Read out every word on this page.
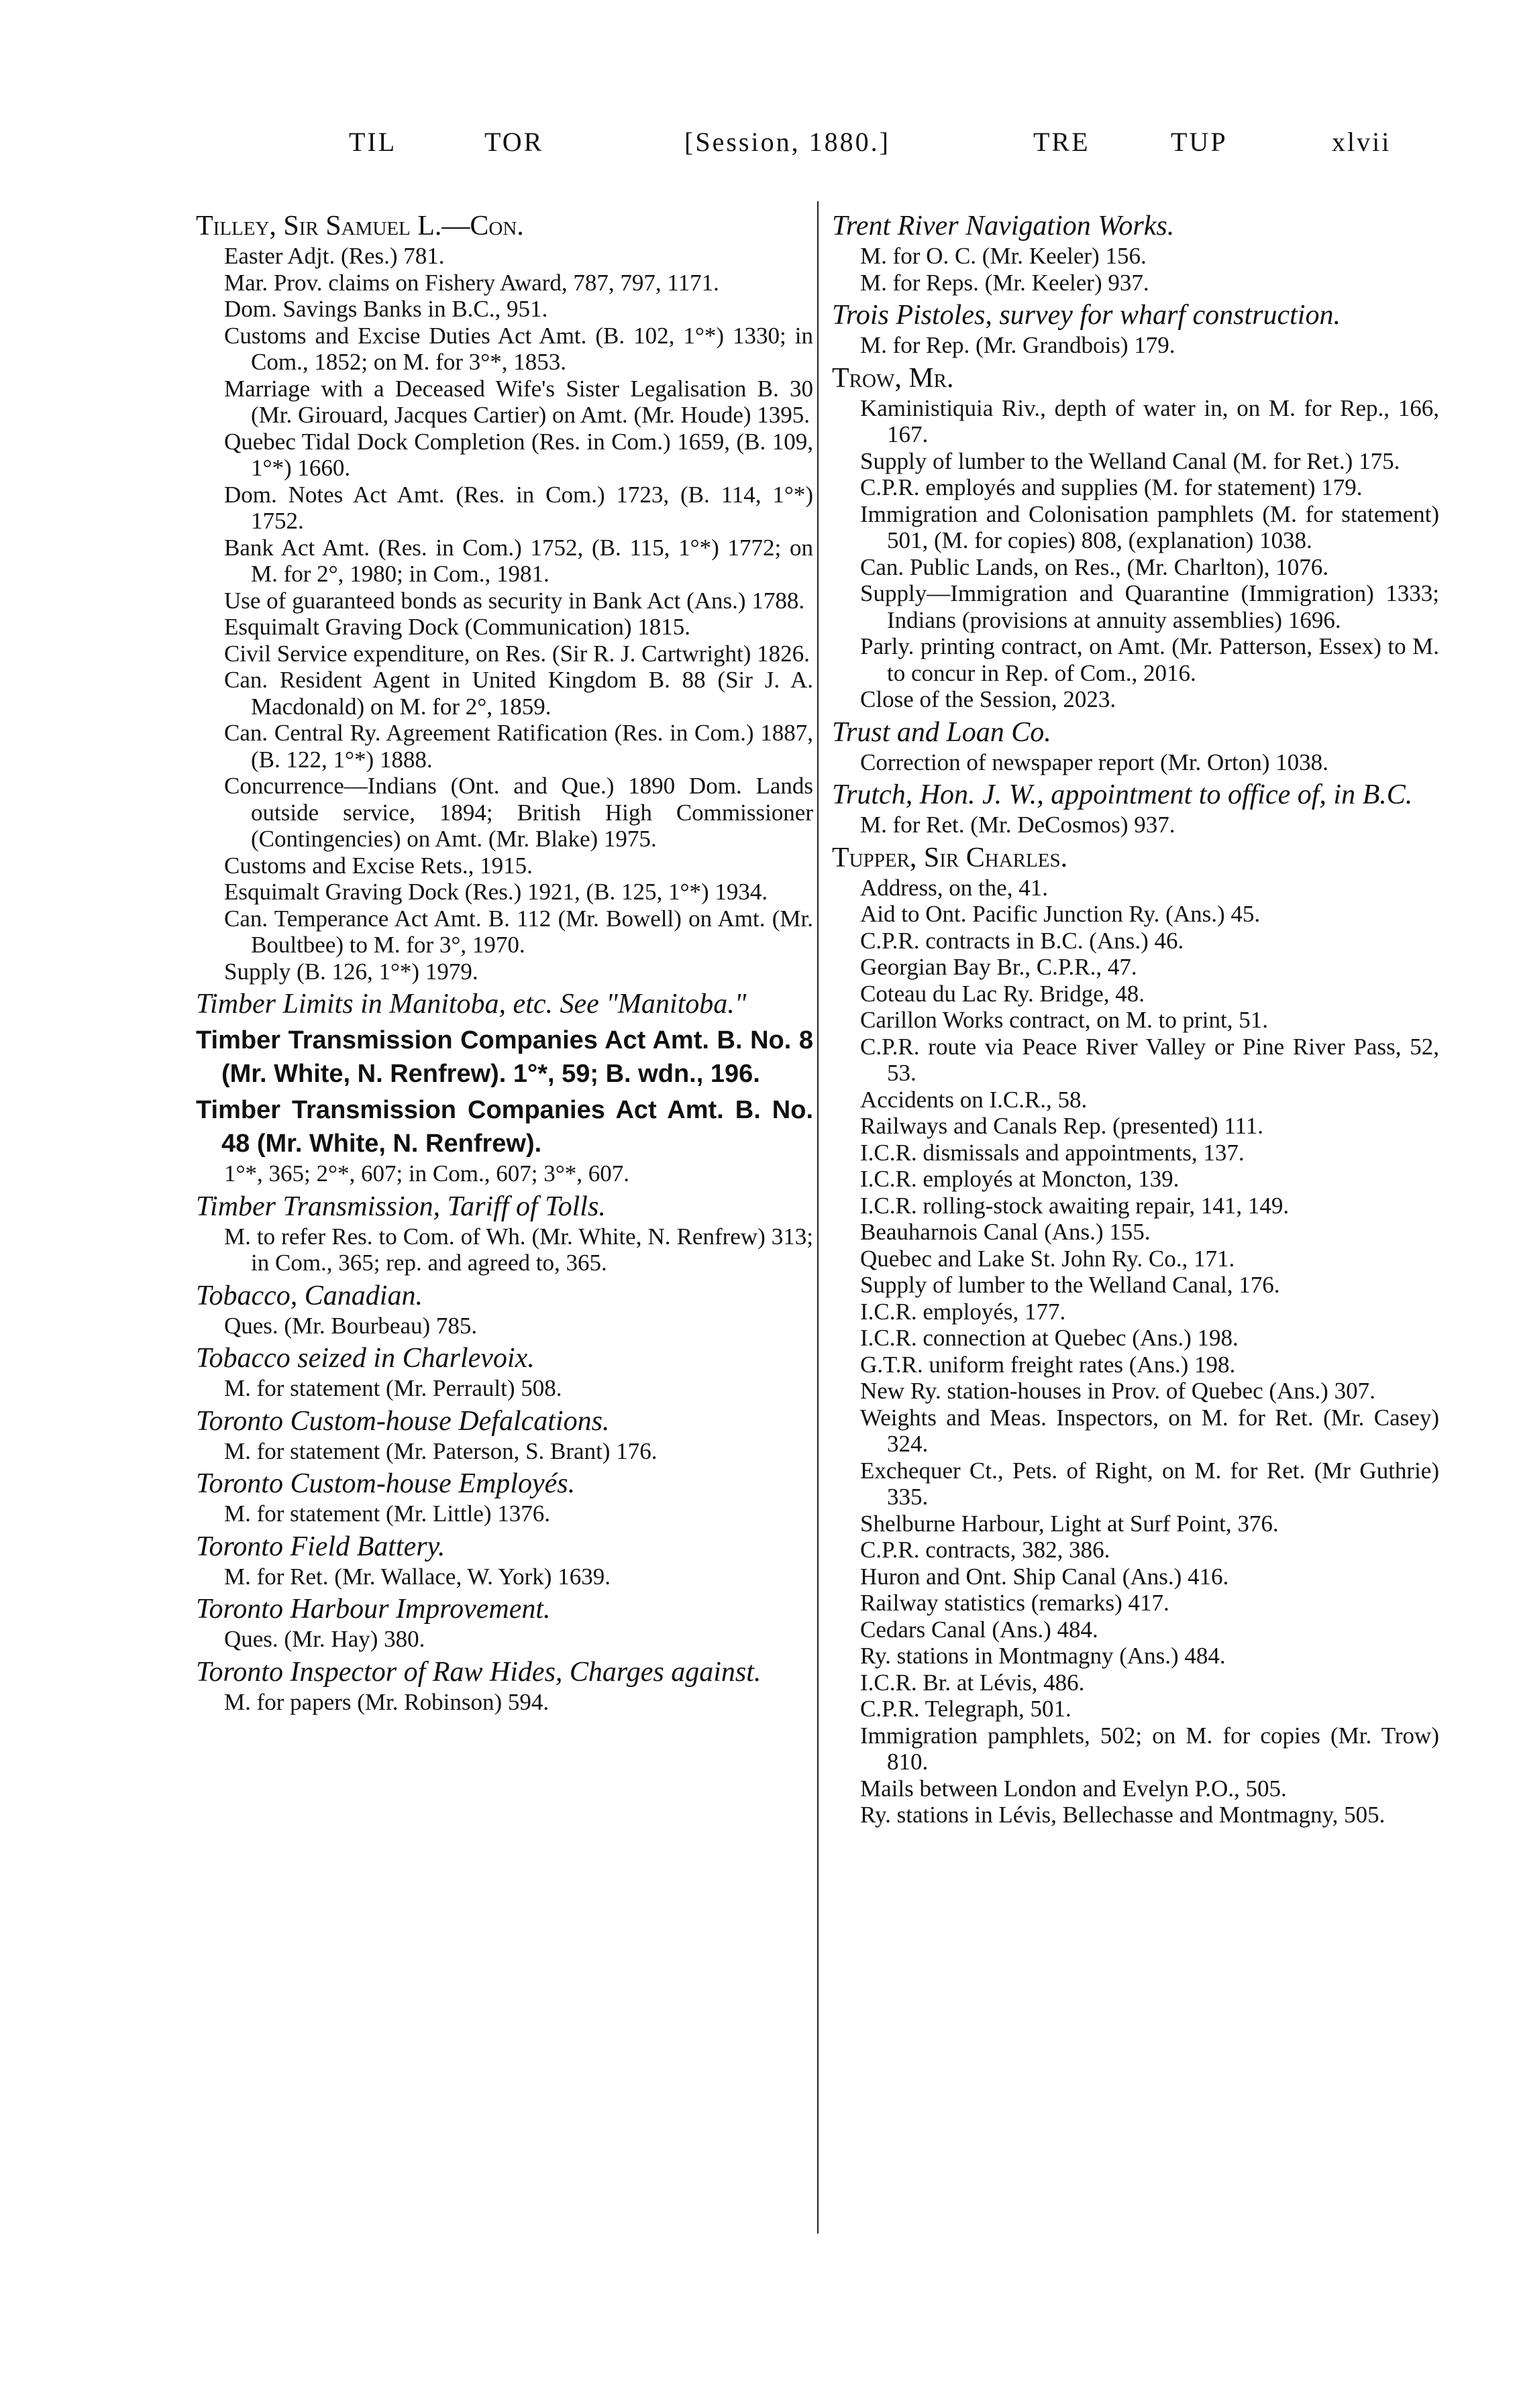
TIL	TOR	[Session, 1880.]	TRE	TUP	xlvii
Tilley, Sir Samuel L.—Con.
Easter Adjt. (Res.) 781.
Mar. Prov. claims on Fishery Award, 787, 797, 1171.
Dom. Savings Banks in B.C., 951.
Customs and Excise Duties Act Amt. (B. 102, 1°*) 1330; in Com., 1852; on M. for 3°*, 1853.
Marriage with a Deceased Wife's Sister Legalisation B. 30 (Mr. Girouard, Jacques Cartier) on Amt. (Mr. Houde) 1395.
Quebec Tidal Dock Completion (Res. in Com.) 1659, (B. 109, 1°*) 1660.
Dom. Notes Act Amt. (Res. in Com.) 1723, (B. 114, 1°*) 1752.
Bank Act Amt. (Res. in Com.) 1752, (B. 115, 1°*) 1772; on M. for 2°, 1980; in Com., 1981.
Use of guaranteed bonds as security in Bank Act (Ans.) 1788.
Esquimalt Graving Dock (Communication) 1815.
Civil Service expenditure, on Res. (Sir R. J. Cartwright) 1826.
Can. Resident Agent in United Kingdom B. 88 (Sir J. A. Macdonald) on M. for 2°, 1859.
Can. Central Ry. Agreement Ratification (Res. in Com.) 1887, (B. 122, 1°*) 1888.
Concurrence—Indians (Ont. and Que.) 1890 Dom. Lands outside service, 1894; British High Commissioner (Contingencies) on Amt. (Mr. Blake) 1975.
Customs and Excise Rets., 1915.
Esquimalt Graving Dock (Res.) 1921, (B. 125, 1°*) 1934.
Can. Temperance Act Amt. B. 112 (Mr. Bowell) on Amt. (Mr. Boultbee) to M. for 3°, 1970.
Supply (B. 126, 1°*) 1979.
Timber Limits in Manitoba, etc. See "Manitoba."
Timber Transmission Companies Act Amt. B. No. 8 (Mr. White, N. Renfrew). 1°*, 59; B. wdn., 196.
Timber Transmission Companies Act Amt. B. No. 48 (Mr. White, N. Renfrew).
1°*, 365; 2°*, 607; in Com., 607; 3°*, 607.
Timber Transmission, Tariff of Tolls.
M. to refer Res. to Com. of Wh. (Mr. White, N. Renfrew) 313; in Com., 365; rep. and agreed to, 365.
Tobacco, Canadian.
Ques. (Mr. Bourbeau) 785.
Tobacco seized in Charlevoix.
M. for statement (Mr. Perrault) 508.
Toronto Custom-house Defalcations.
M. for statement (Mr. Paterson, S. Brant) 176.
Toronto Custom-house Employés.
M. for statement (Mr. Little) 1376.
Toronto Field Battery.
M. for Ret. (Mr. Wallace, W. York) 1639.
Toronto Harbour Improvement.
Ques. (Mr. Hay) 380.
Toronto Inspector of Raw Hides, Charges against.
M. for papers (Mr. Robinson) 594.
Trent River Navigation Works.
M. for O. C. (Mr. Keeler) 156.
M. for Reps. (Mr. Keeler) 937.
Trois Pistoles, survey for wharf construction.
M. for Rep. (Mr. Grandbois) 179.
Trow, Mr.
Kaministiquia Riv., depth of water in, on M. for Rep., 166, 167.
Supply of lumber to the Welland Canal (M. for Ret.) 175.
C.P.R. employés and supplies (M. for statement) 179.
Immigration and Colonisation pamphlets (M. for statement) 501, (M. for copies) 808, (explanation) 1038.
Can. Public Lands, on Res., (Mr. Charlton), 1076.
Supply—Immigration and Quarantine (Immigration) 1333; Indians (provisions at annuity assemblies) 1696.
Parly. printing contract, on Amt. (Mr. Patterson, Essex) to M. to concur in Rep. of Com., 2016.
Close of the Session, 2023.
Trust and Loan Co.
Correction of newspaper report (Mr. Orton) 1038.
Trutch, Hon. J. W., appointment to office of, in B.C.
M. for Ret. (Mr. DeCosmos) 937.
Tupper, Sir Charles.
Address, on the, 41.
Aid to Ont. Pacific Junction Ry. (Ans.) 45.
C.P.R. contracts in B.C. (Ans.) 46.
Georgian Bay Br., C.P.R., 47.
Coteau du Lac Ry. Bridge, 48.
Carillon Works contract, on M. to print, 51.
C.P.R. route via Peace River Valley or Pine River Pass, 52, 53.
Accidents on I.C.R., 58.
Railways and Canals Rep. (presented) 111.
I.C.R. dismissals and appointments, 137.
I.C.R. employés at Moncton, 139.
I.C.R. rolling-stock awaiting repair, 141, 149.
Beauharnois Canal (Ans.) 155.
Quebec and Lake St. John Ry. Co., 171.
Supply of lumber to the Welland Canal, 176.
I.C.R. employés, 177.
I.C.R. connection at Quebec (Ans.) 198.
G.T.R. uniform freight rates (Ans.) 198.
New Ry. station-houses in Prov. of Quebec (Ans.) 307.
Weights and Meas. Inspectors, on M. for Ret. (Mr. Casey) 324.
Exchequer Ct., Pets. of Right, on M. for Ret. (Mr Guthrie) 335.
Shelburne Harbour, Light at Surf Point, 376.
C.P.R. contracts, 382, 386.
Huron and Ont. Ship Canal (Ans.) 416.
Railway statistics (remarks) 417.
Cedars Canal (Ans.) 484.
Ry. stations in Montmagny (Ans.) 484.
I.C.R. Br. at Lévis, 486.
C.P.R. Telegraph, 501.
Immigration pamphlets, 502; on M. for copies (Mr. Trow) 810.
Mails between London and Evelyn P.O., 505.
Ry. stations in Lévis, Bellechasse and Montmagny, 505.
